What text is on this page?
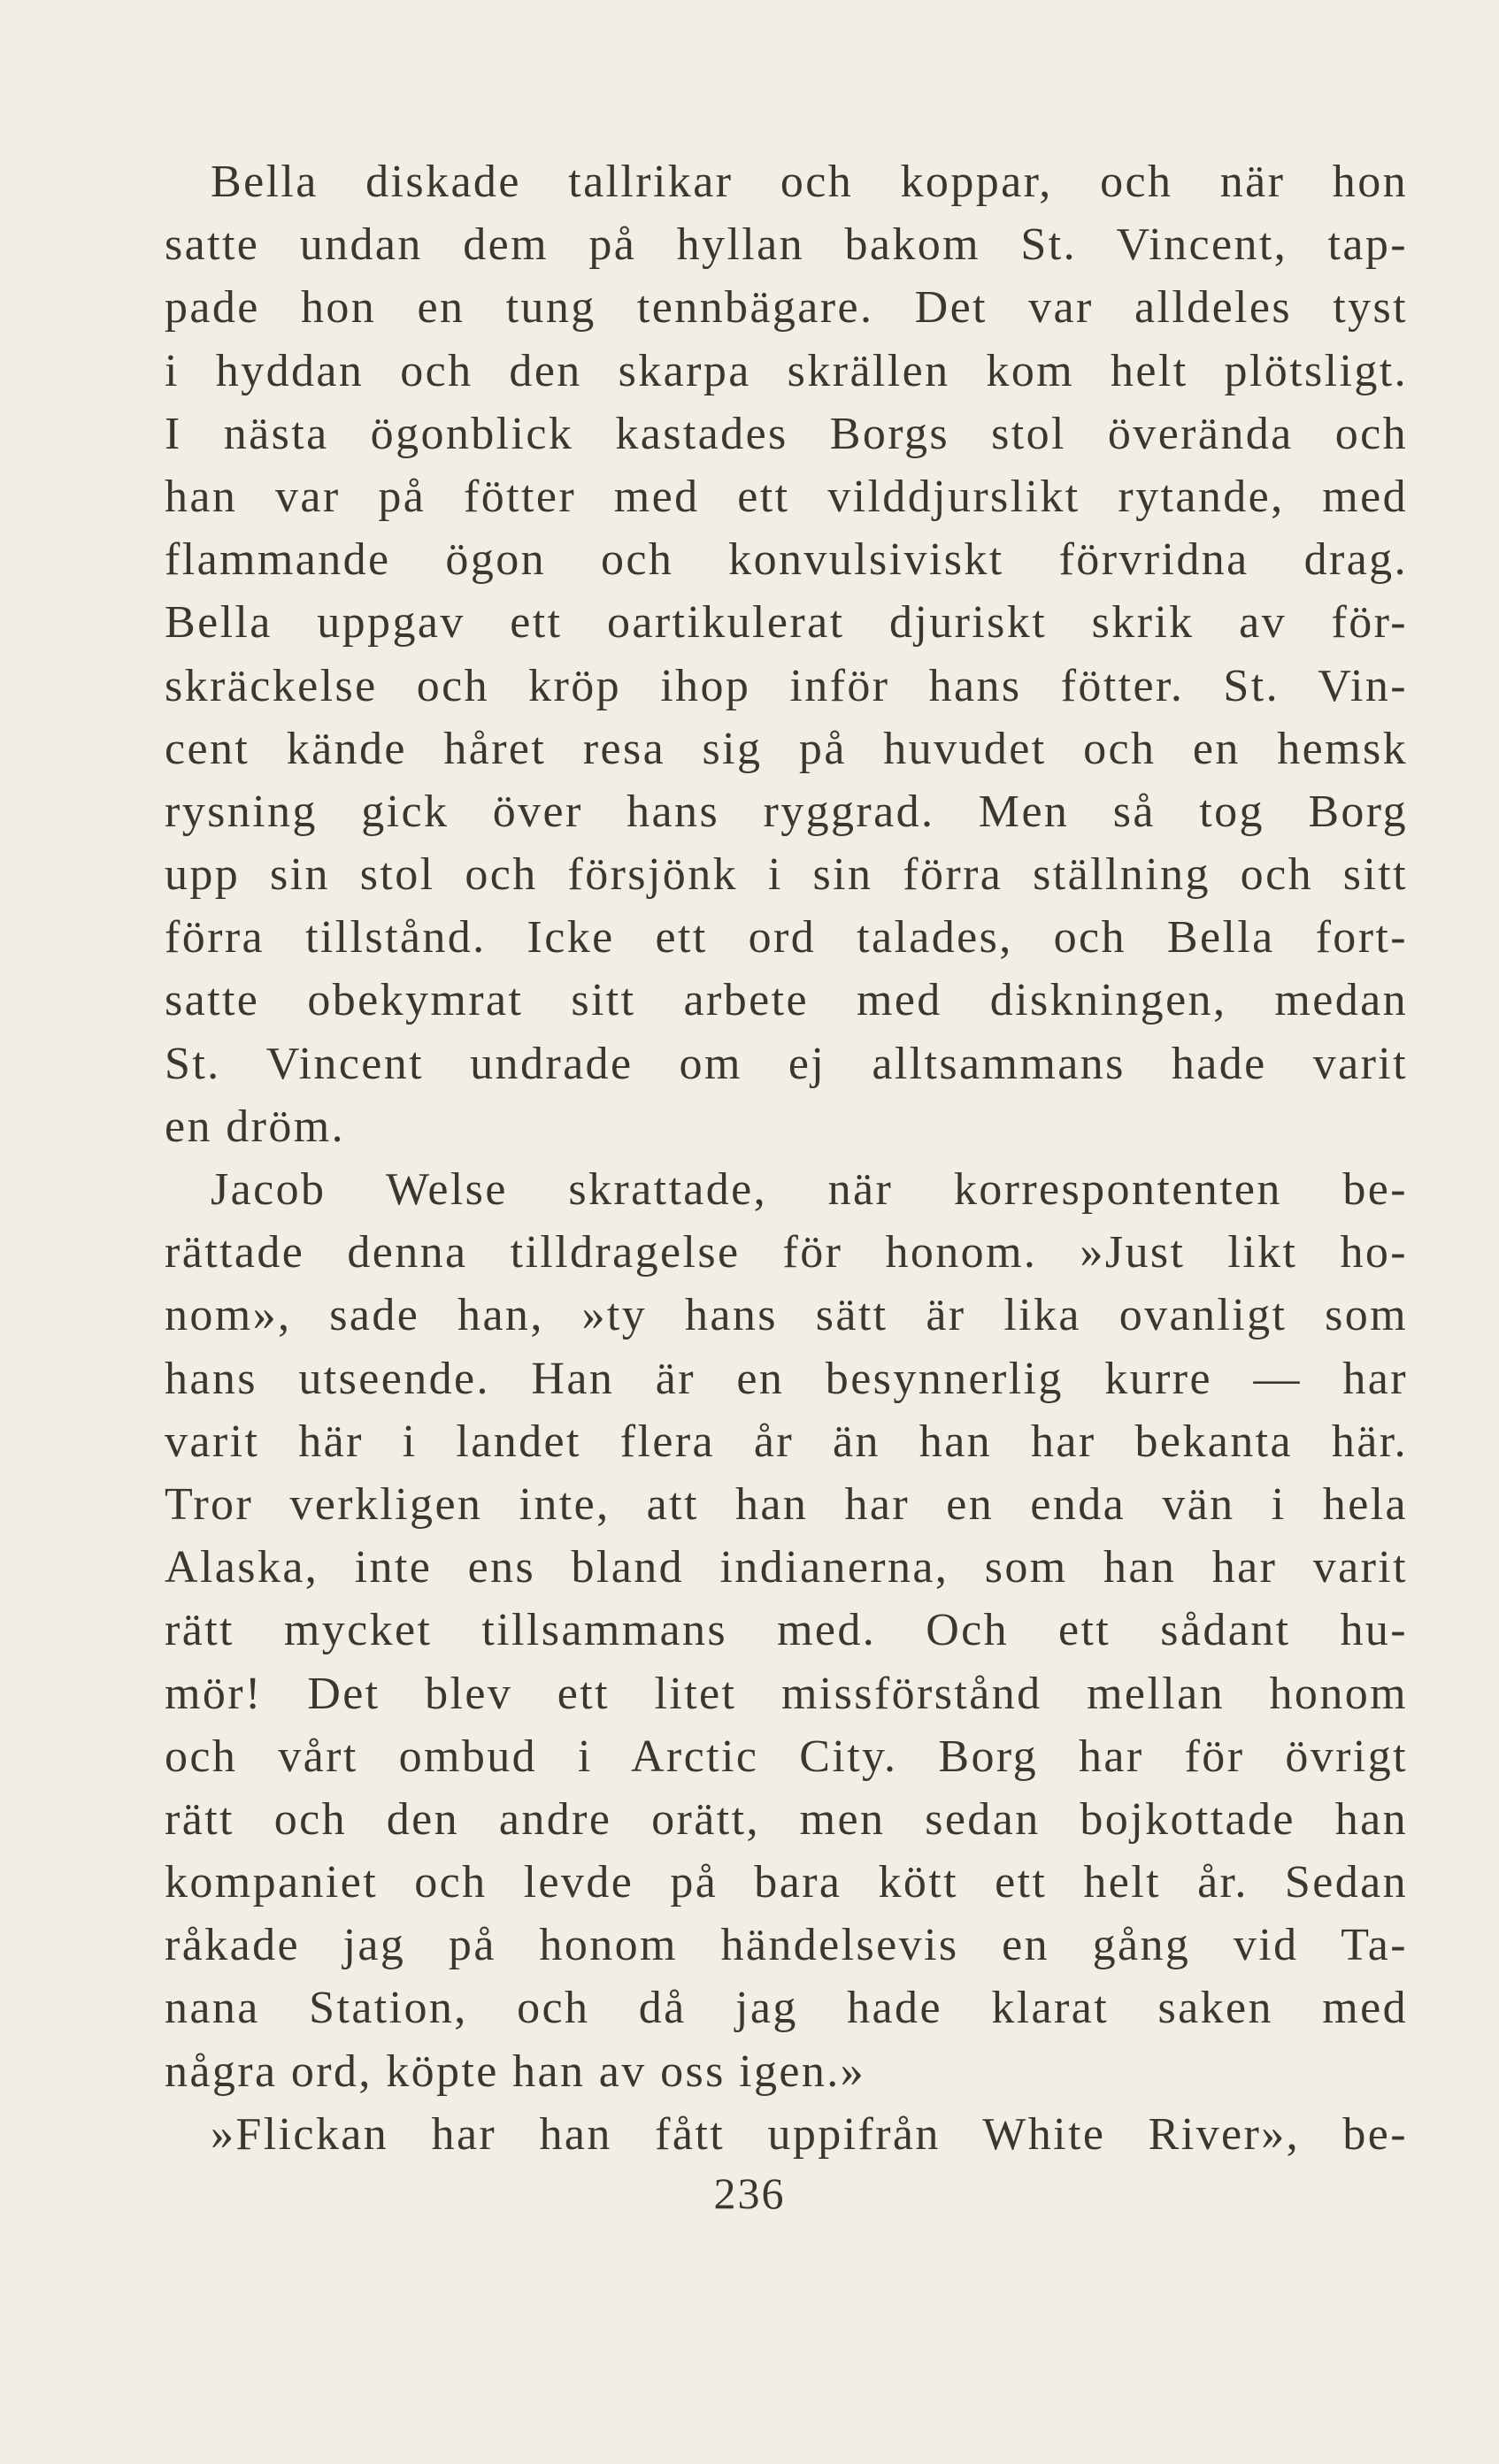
Bella diskade tallrikar och koppar, och när hon
satte undan dem på hyllan bakom St. Vincent, tap-
pade hon en tung tennbägare. Det var alldeles tyst
i hyddan och den skarpa skrällen kom helt plötsligt.
I nästa ögonblick kastades Borgs stol överända och
han var på fötter med ett vilddjurslikt rytande, med
flammande ögon och konvulsiviskt förvridna drag.
Bella uppgav ett oartikulerat djuriskt skrik av för-
skräckelse och kröp ihop inför hans fötter. St. Vin-
cent kände håret resa sig på huvudet och en hemsk
rysning gick över hans ryggrad. Men så tog Borg
upp sin stol och försjönk i sin förra ställning och sitt
förra tillstånd. Icke ett ord talades, och Bella fort-
satte obekymrat sitt arbete med diskningen, medan
St. Vincent undrade om ej alltsammans hade varit
en dröm.
Jacob Welse skrattade, när korrespontenten be-
rättade denna tilldragelse för honom. »Just likt ho-
nom», sade han, »ty hans sätt är lika ovanligt som
hans utseende. Han är en besynnerlig kurre — har
varit här i landet flera år än han har bekanta här.
Tror verkligen inte, att han har en enda vän i hela
Alaska, inte ens bland indianerna, som han har varit
rätt mycket tillsammans med. Och ett sådant hu-
mör! Det blev ett litet missförstånd mellan honom
och vårt ombud i Arctic City. Borg har för övrigt
rätt och den andre orätt, men sedan bojkottade han
kompaniet och levde på bara kött ett helt år. Sedan
råkade jag på honom händelsevis en gång vid Ta-
nana Station, och då jag hade klarat saken med
några ord, köpte han av oss igen.»
»Flickan har han fått uppifrån White River», be-
236
